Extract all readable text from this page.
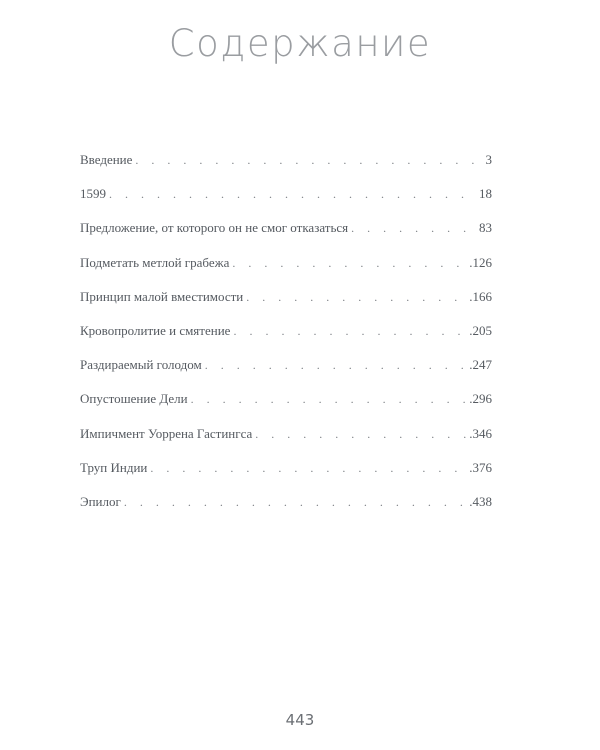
Содержание
Введение . . .	3
1599 . . .	18
Предложение, от которого он не смог отказаться . . .	83
Подметать метлой грабежа . . .	.126
Принцип малой вместимости . . .	.166
Кровопролитие и смятение . . .	.205
Раздираемый голодом . . .	.247
Опустошение Дели . . .	.296
Импичмент Уоррена Гастингса . . .	.346
Труп Индии . . .	.376
Эпилог . . .	.438
443
